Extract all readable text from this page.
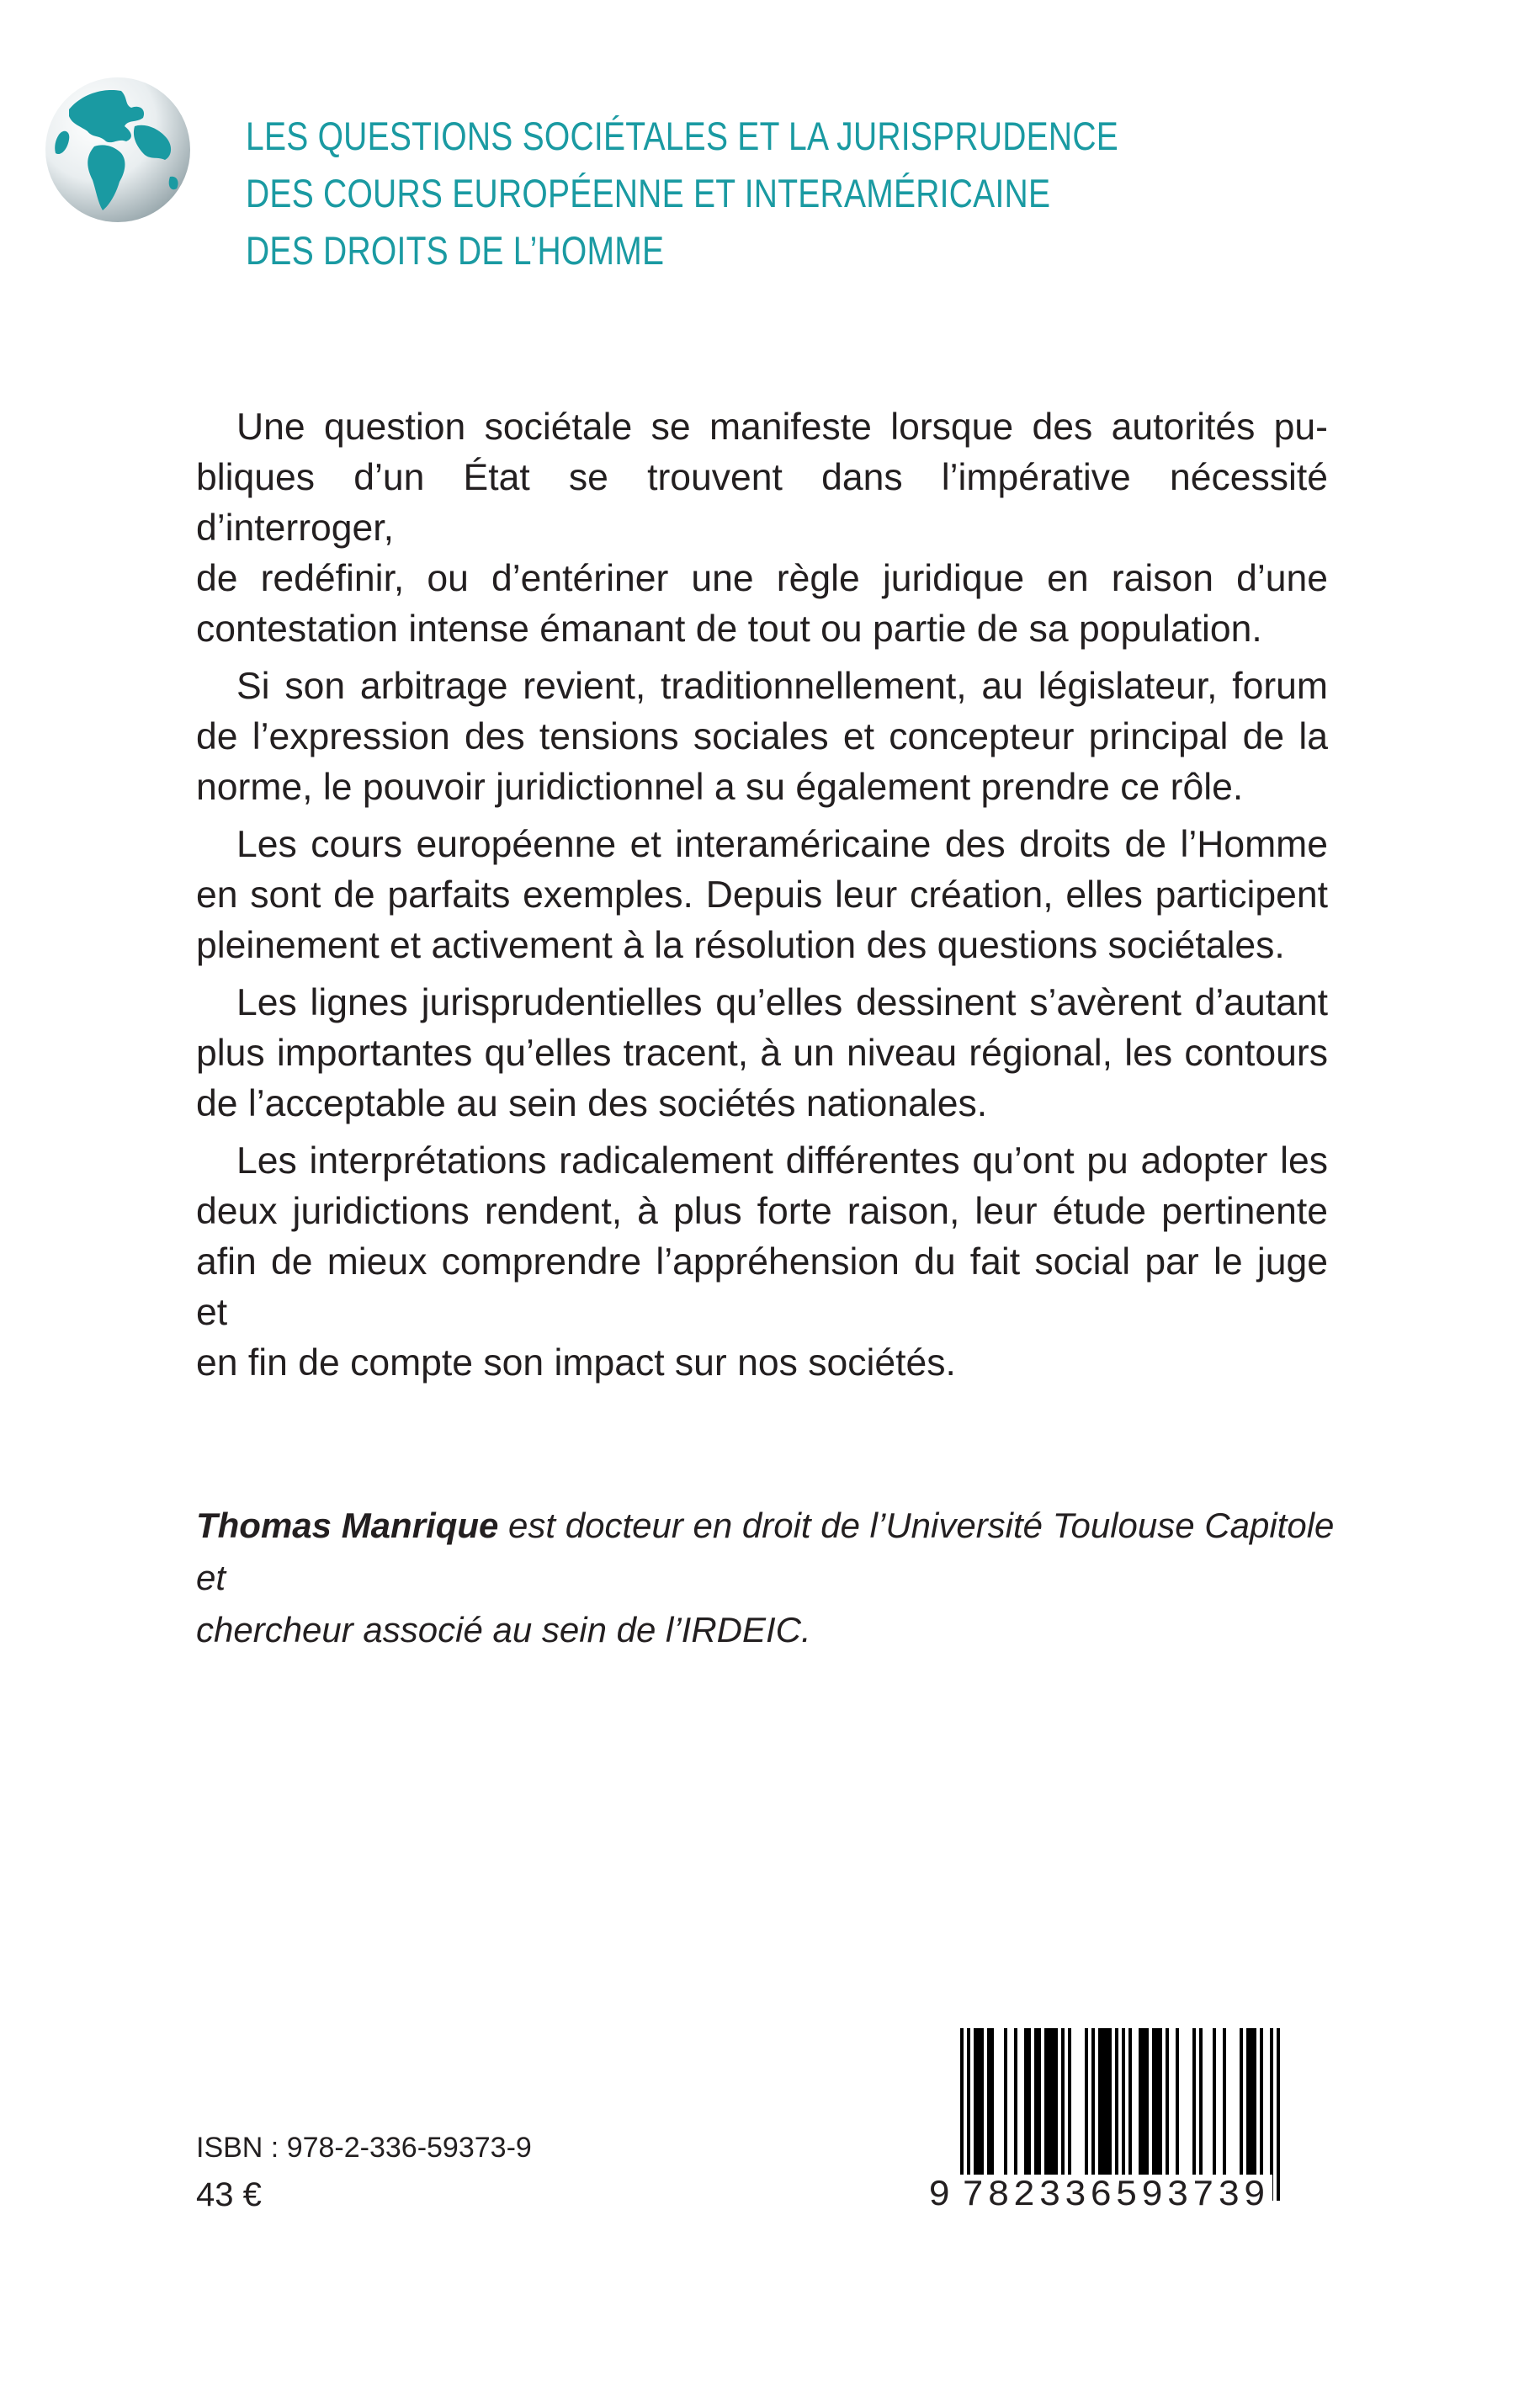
LES QUESTIONS SOCIÉTALES ET LA JURISPRUDENCE
DES COURS EUROPÉENNE ET INTERAMÉRICAINE
DES DROITS DE L’HOMME

Une question sociétale se manifeste lorsque des autorités pu-
bliques d’un État se trouvent dans l’impérative nécessité d’interroger,
de redéfinir, ou d’entériner une règle juridique en raison d’une
contestation intense émanant de tout ou partie de sa population.

Si son arbitrage revient, traditionnellement, au législateur, forum
de l’expression des tensions sociales et concepteur principal de la
norme, le pouvoir juridictionnel a su également prendre ce rôle.

Les cours européenne et interaméricaine des droits de l’Homme
en sont de parfaits exemples. Depuis leur création, elles participent
pleinement et activement à la résolution des questions sociétales.

Les lignes jurisprudentielles qu’elles dessinent s’avèrent d’autant
plus importantes qu’elles tracent, à un niveau régional, les contours
de l’acceptable au sein des sociétés nationales.

Les interprétations radicalement différentes qu’ont pu adopter les
deux juridictions rendent, à plus forte raison, leur étude pertinente
afin de mieux comprendre l’appréhension du fait social par le juge et
en fin de compte son impact sur nos sociétés.

Thomas Manrique est docteur en droit de l’Université Toulouse Capitole et
chercheur associé au sein de l’IRDEIC.
ISBN : 978-2-336-59373-9
43 €	9 782336593739
